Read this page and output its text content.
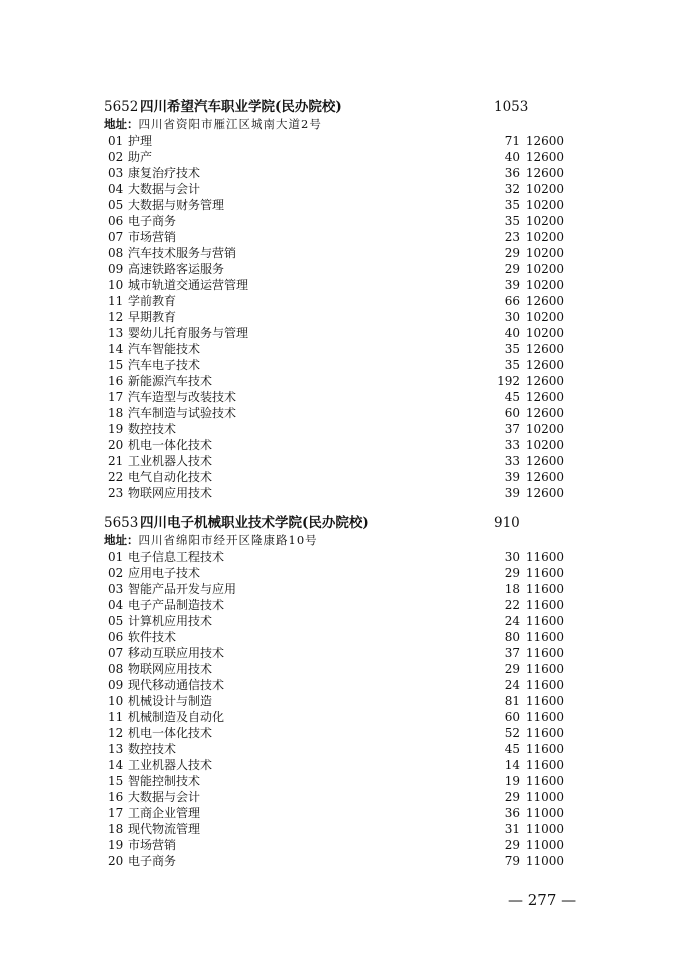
5652 四川希望汽车职业学院(民办院校)	1053
地址：四川省资阳市雁江区城南大道2号
01 护理	71 12600
02 助产	40 12600
03 康复治疗技术	36 12600
04 大数据与会计	32 10200
05 大数据与财务管理	35 10200
06 电子商务	35 10200
07 市场营销	23 10200
08 汽车技术服务与营销	29 10200
09 高速铁路客运服务	29 10200
10 城市轨道交通运营管理	39 10200
11 学前教育	66 12600
12 早期教育	30 10200
13 婴幼儿托育服务与管理	40 10200
14 汽车智能技术	35 12600
15 汽车电子技术	35 12600
16 新能源汽车技术	192 12600
17 汽车造型与改装技术	45 12600
18 汽车制造与试验技术	60 12600
19 数控技术	37 10200
20 机电一体化技术	33 10200
21 工业机器人技术	33 12600
22 电气自动化技术	39 12600
23 物联网应用技术	39 12600
5653 四川电子机械职业技术学院(民办院校)	910
地址：四川省绵阳市经开区隆康路10号
01 电子信息工程技术	30 11600
02 应用电子技术	29 11600
03 智能产品开发与应用	18 11600
04 电子产品制造技术	22 11600
05 计算机应用技术	24 11600
06 软件技术	80 11600
07 移动互联应用技术	37 11600
08 物联网应用技术	29 11600
09 现代移动通信技术	24 11600
10 机械设计与制造	81 11600
11 机械制造及自动化	60 11600
12 机电一体化技术	52 11600
13 数控技术	45 11600
14 工业机器人技术	14 11600
15 智能控制技术	19 11600
16 大数据与会计	29 11000
17 工商企业管理	36 11000
18 现代物流管理	31 11000
19 市场营销	29 11000
20 电子商务	79 11000
— 277 —
